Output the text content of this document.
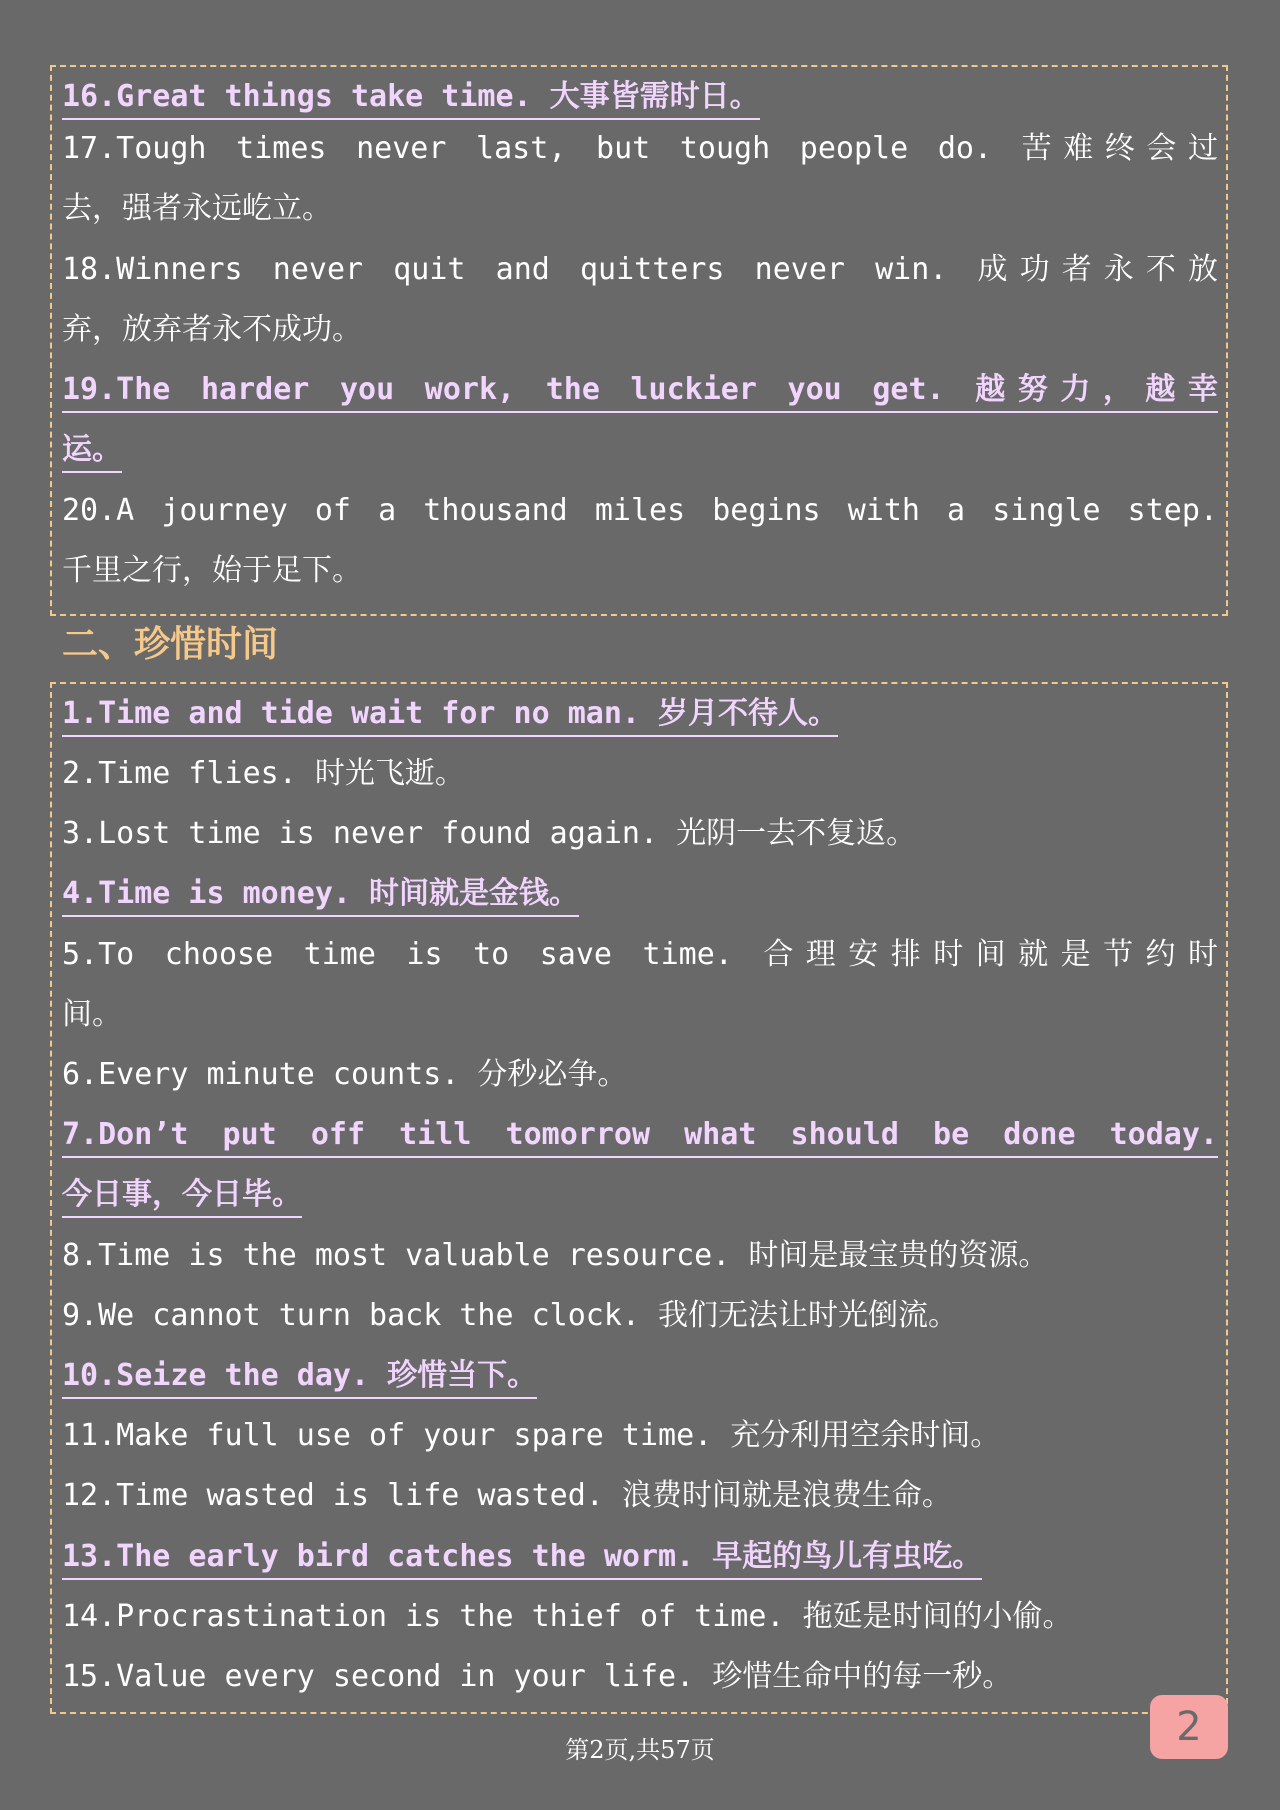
16.Great things take time. 大事皆需时日。
17.Tough times never last, but tough people do. 苦难终会过
去，强者永远屹立。
18.Winners never quit and quitters never win. 成功者永不放
弃，放弃者永不成功。
19.The harder you work, the luckier you get. 越努力，越幸
运。
20.A journey of a thousand miles begins with a single step.
千里之行，始于足下。
二、珍惜时间
1.Time and tide wait for no man. 岁月不待人。
2.Time flies. 时光飞逝。
3.Lost time is never found again. 光阴一去不复返。
4.Time is money. 时间就是金钱。
5.To choose time is to save time. 合理安排时间就是节约时
间。
6.Every minute counts. 分秒必争。
7.Don’t put off till tomorrow what should be done today.
今日事，今日毕。
8.Time is the most valuable resource. 时间是最宝贵的资源。
9.We cannot turn back the clock. 我们无法让时光倒流。
10.Seize the day. 珍惜当下。
11.Make full use of your spare time. 充分利用空余时间。
12.Time wasted is life wasted. 浪费时间就是浪费生命。
13.The early bird catches the worm. 早起的鸟儿有虫吃。
14.Procrastination is the thief of time. 拖延是时间的小偷。
15.Value every second in your life. 珍惜生命中的每一秒。
第2页,共57页	2
